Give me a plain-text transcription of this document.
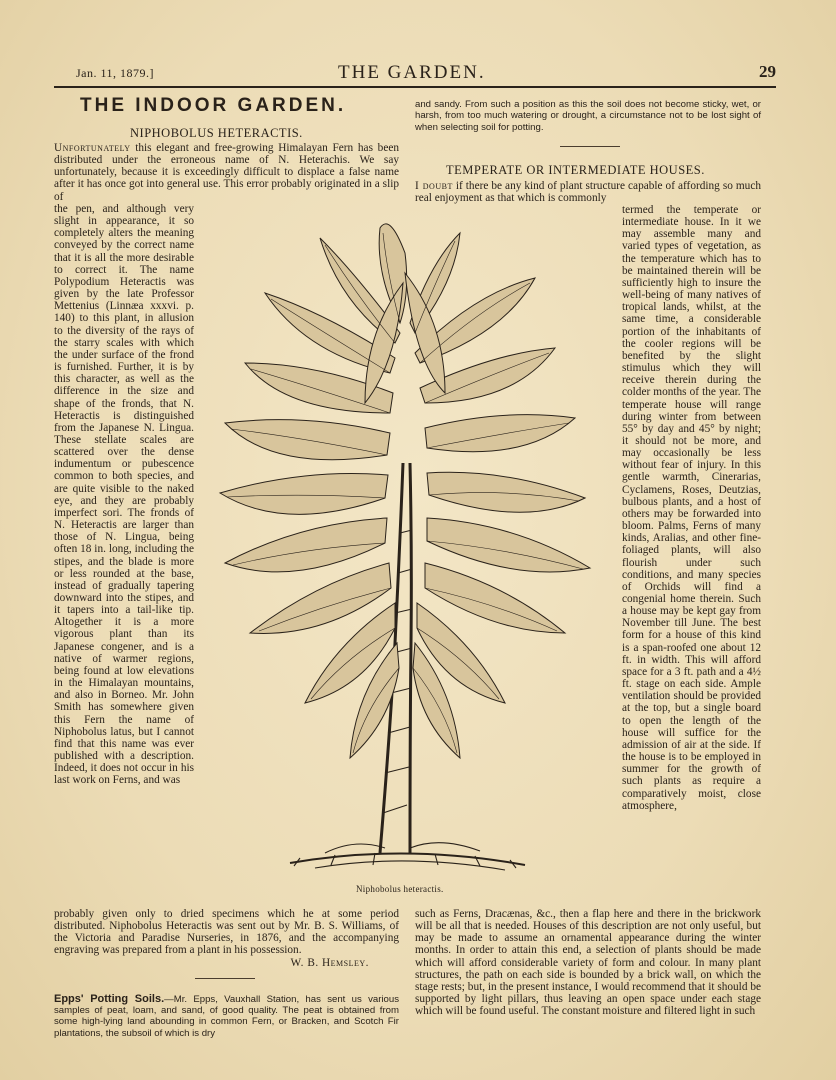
Jan. 11, 1879.]	THE GARDEN.	29
THE INDOOR GARDEN.
NIPHOBOLUS HETERACTIS.

Unfortunately this elegant and free-growing Himalayan Fern has been distributed under the erroneous name of N. Heterachis. We say unfortunately, because it is exceedingly difficult to displace a false name after it has once got into general use. This error probably originated in a slip of

the pen, and although very slight in appearance, it so completely alters the meaning conveyed by the correct name that it is all the more desirable to correct it. The name Polypodium Heteractis was given by the late Professor Mettenius (Linnæa xxxvi. p. 140) to this plant, in allusion to the diversity of the rays of the starry scales with which the under surface of the frond is furnished. Further, it is by this character, as well as the difference in the size and shape of the fronds, that N. Heteractis is distinguished from the Japanese N. Lingua. These stellate scales are scattered over the dense indumentum or pubescence common to both species, and are quite visible to the naked eye, and they are probably imperfect sori. The fronds of N. Heteractis are larger than those of N. Lingua, being often 18 in. long, including the stipes, and the blade is more or less rounded at the base, instead of gradually tapering downward into the stipes, and it tapers into a tail-like tip. Altogether it is a more vigorous plant than its Japanese congener, and is a native of warmer regions, being found at low elevations in the Himalayan mountains, and also in Borneo. Mr. John Smith has somewhere given this Fern the name of Niphobolus latus, but I cannot find that this name was ever published with a description. Indeed, it does not occur in his last work on Ferns, and was

probably given only to dried specimens which he at some period distributed. Niphobolus Heteractis was sent out by Mr. B. S. Williams, of the Victoria and Paradise Nurseries, in 1876, and the accompanying engraving was prepared from a plant in his possession.

W. B. Hemsley.
Epps' Potting Soils.—Mr. Epps, Vauxhall Station, has sent us various samples of peat, loam, and sand, of good quality. The peat is obtained from some high-lying land abounding in common Fern, or Bracken, and Scotch Fir plantations, the subsoil of which is dry
and sandy. From such a position as this the soil does not become sticky, wet, or harsh, from too much watering or drought, a circumstance not to be lost sight of when selecting soil for potting.
TEMPERATE OR INTERMEDIATE HOUSES.

I doubt if there be any kind of plant structure capable of affording so much real enjoyment as that which is commonly

termed the temperate or intermediate house. In it we may assemble many and varied types of vegetation, as the temperature which has to be maintained therein will be sufficiently high to insure the well-being of many natives of tropical lands, whilst, at the same time, a considerable portion of the inhabitants of the cooler regions will be benefited by the slight stimulus which they will receive therein during the colder months of the year. The temperate house will range during winter from between 55° by day and 45° by night; it should not be more, and may occasionally be less without fear of injury. In this gentle warmth, Cinerarias, Cyclamens, Roses, Deutzias, bulbous plants, and a host of others may be forwarded into bloom. Palms, Ferns of many kinds, Aralias, and other fine-foliaged plants, will also flourish under such conditions, and many species of Orchids will find a congenial home therein. Such a house may be kept gay from November till June. The best form for a house of this kind is a span-roofed one about 12 ft. in width. This will afford space for a 3 ft. path and a 4½ ft. stage on each side. Ample ventilation should be provided at the top, but a single board to open the length of the house will suffice for the admission of air at the side. If the house is to be employed in summer for the growth of such plants as require a comparatively moist, close atmosphere,

such as Ferns, Dracænas, &c., then a flap here and there in the brickwork will be all that is needed. Houses of this description are not only useful, but may be made to assume an ornamental appearance during the winter months. In order to attain this end, a selection of plants should be made which will afford considerable variety of form and colour. In many plant structures, the path on each side is bounded by a brick wall, on which the stage rests; but, in the present instance, I would recommend that it should be supported by light pillars, thus leaving an open space under each stage which will be found useful. The constant moisture and filtered light in such

Niphobolus heteractis.
